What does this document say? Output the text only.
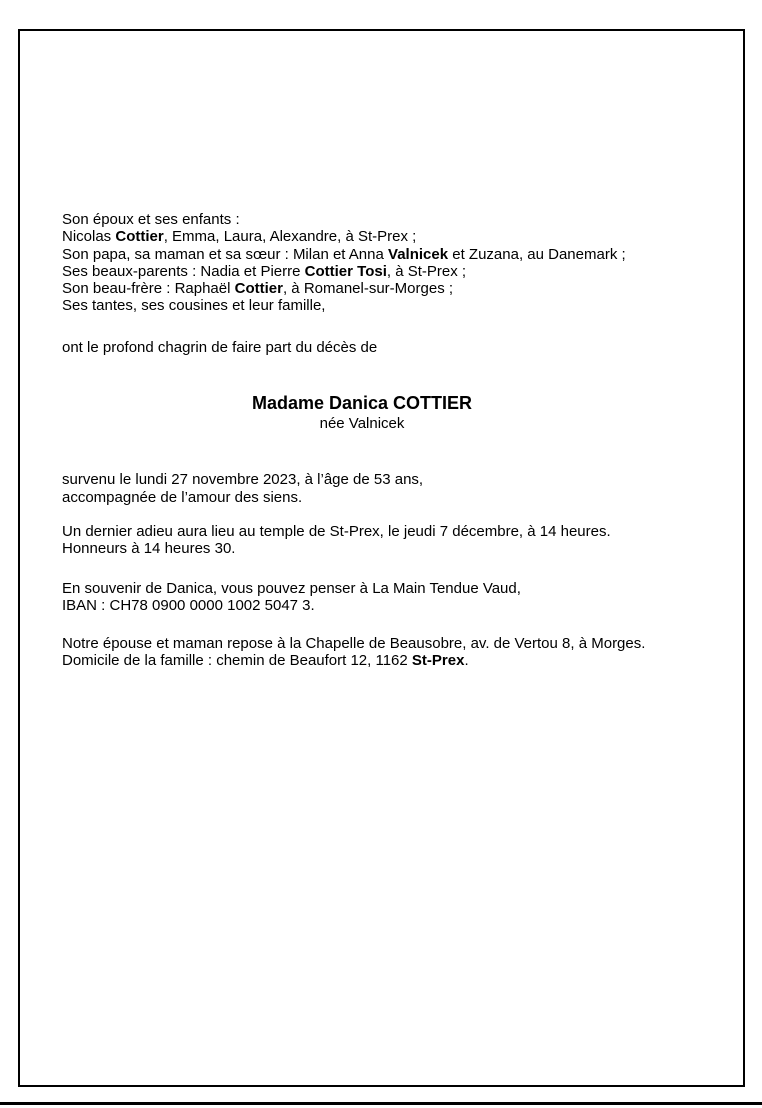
Son époux et ses enfants :
Nicolas Cottier, Emma, Laura, Alexandre, à St-Prex ;
Son papa, sa maman et sa sœur : Milan et Anna Valnicek et Zuzana, au Danemark ;
Ses beaux-parents : Nadia et Pierre Cottier Tosi, à St-Prex ;
Son beau-frère : Raphaël Cottier, à Romanel-sur-Morges ;
Ses tantes, ses cousines et leur famille,
ont le profond chagrin de faire part du décès de
Madame Danica COTTIER
née Valnicek
survenu le lundi 27 novembre 2023, à l’âge de 53 ans,
accompagnée de l’amour des siens.
Un dernier adieu aura lieu au temple de St-Prex, le jeudi 7 décembre, à 14 heures.
Honneurs à 14 heures 30.
En souvenir de Danica, vous pouvez penser à La Main Tendue Vaud,
IBAN : CH78 0900 0000 1002 5047 3.
Notre épouse et maman repose à la Chapelle de Beausobre, av. de Vertou 8, à Morges.
Domicile de la famille : chemin de Beaufort 12, 1162 St-Prex.
